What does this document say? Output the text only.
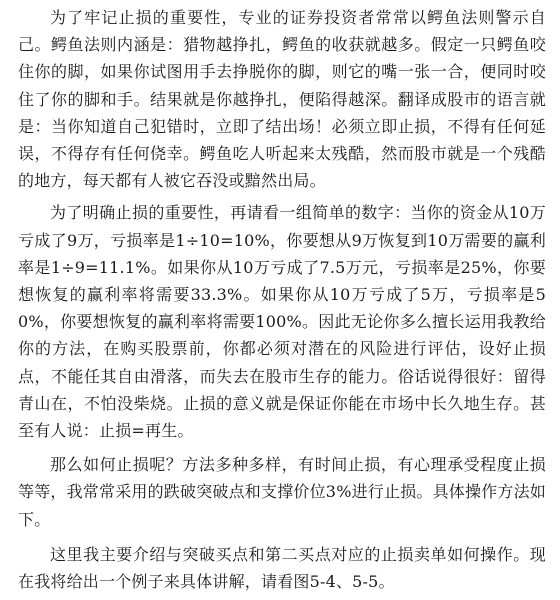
为了牢记止损的重要性，专业的证券投资者常常以鳄鱼法则警示自己。鳄鱼法则内涵是：猎物越挣扎，鳄鱼的收获就越多。假定一只鳄鱼咬住你的脚，如果你试图用手去挣脱你的脚，则它的嘴一张一合，便同时咬住了你的脚和手。结果就是你越挣扎，便陷得越深。翻译成股市的语言就是：当你知道自己犯错时，立即了结出场！必须立即止损，不得有任何延误，不得存有任何侥幸。鳄鱼吃人听起来太残酷，然而股市就是一个残酷的地方，每天都有人被它吞没或黯然出局。

为了明确止损的重要性，再请看一组简单的数字：当你的资金从10万亏成了9万，亏损率是1÷10=10%，你要想从9万恢复到10万需要的赢利率是1÷9=11.1%。如果你从10万亏成了7.5万元，亏损率是25%，你要想恢复的赢利率将需要33.3%。如果你从10万亏成了5万，亏损率是50%，你要想恢复的赢利率将需要100%。因此无论你多么擅长运用我教给你的方法，在购买股票前，你都必须对潜在的风险进行评估，设好止损点，不能任其自由滑落，而失去在股市生存的能力。俗话说得很好：留得青山在，不怕没柴烧。止损的意义就是保证你能在市场中长久地生存。甚至有人说：止损=再生。

那么如何止损呢？方法多种多样，有时间止损，有心理承受程度止损等等，我常常采用的跌破突破点和支撑价位3%进行止损。具体操作方法如下。

这里我主要介绍与突破买点和第二买点对应的止损卖单如何操作。现在我将给出一个例子来具体讲解，请看图5-4、5-5。
